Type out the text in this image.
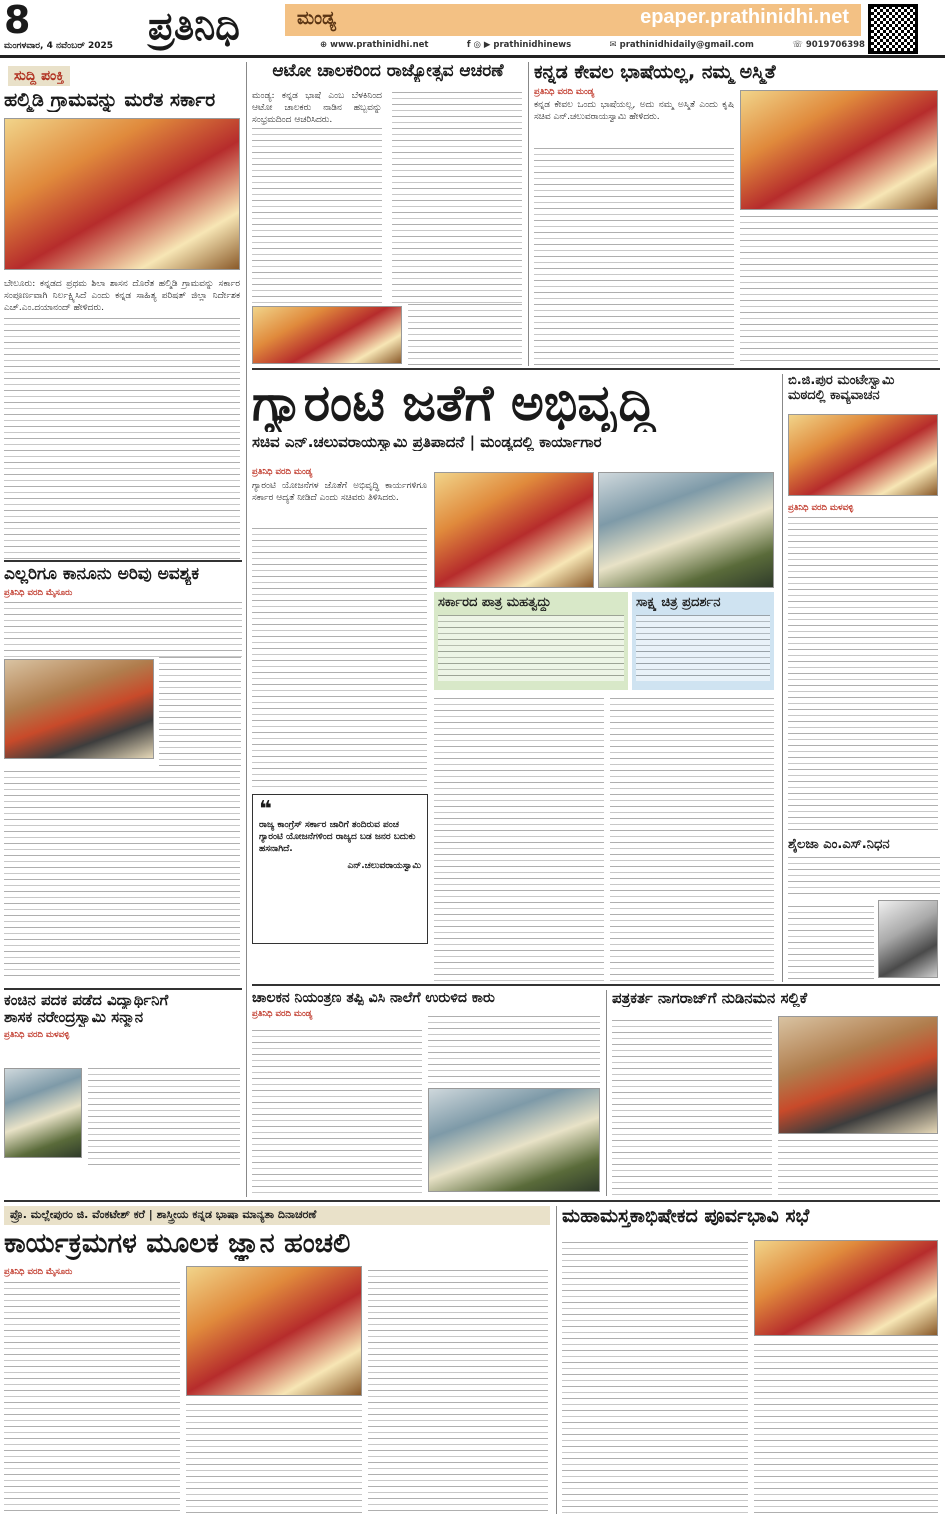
8
ಮಂಗಳವಾರ, 4 ನವೆಂಬರ್ 2025 ಪ್ರತಿನಿಧಿ	ಮಂಡ್ಯ	epaper.prathinidhi.net
⊕ www.prathinidhi.net	f ◎ ▶ prathinidhinews	✉ prathinidhidaily@gmail.com	☏ 9019706398
ಸುದ್ದಿ ಪಂಕ್ತಿ
ಹಲ್ಮಿಡಿ ಗ್ರಾಮವನ್ನು ಮರೆತ ಸರ್ಕಾರ
ಬೇಲೂರು: ಕನ್ನಡದ ಪ್ರಥಮ ಶಿಲಾ ಶಾಸನ ದೊರೆತ ಹಲ್ಮಿಡಿ ಗ್ರಾಮವನ್ನು ಸರ್ಕಾರ ಸಂಪೂರ್ಣವಾಗಿ ನಿರ್ಲಕ್ಷ್ಯಿಸಿದೆ ಎಂದು ಕನ್ನಡ ಸಾಹಿತ್ಯ ಪರಿಷತ್ ಜಿಲ್ಲಾ ನಿರ್ದೇಶಕ ಎಚ್.ಎಂ.ದಯಾನಂದ್ ಹೇಳಿದರು.
ಎಲ್ಲರಿಗೂ ಕಾನೂನು ಅರಿವು ಅವಶ್ಯಕ
ಪ್ರತಿನಿಧಿ ವರದಿ ಮೈಸೂರು
ಕಂಚಿನ ಪದಕ ಪಡೆದ ವಿದ್ಯಾರ್ಥಿನಿಗೆ
ಶಾಸಕ ನರೇಂದ್ರಸ್ವಾಮಿ ಸನ್ಮಾನ
ಪ್ರತಿನಿಧಿ ವರದಿ ಮಳವಳ್ಳಿ
ಆಟೋ ಚಾಲಕರಿಂದ ರಾಜ್ಯೋತ್ಸವ ಆಚರಣೆ
ಮಂಡ್ಯ: ಕನ್ನಡ ಭಾಷೆ ಎಂಬ ಬೆಳಕಿನಿಂದ ಆಟೋ ಚಾಲಕರು ನಾಡಿನ ಹಬ್ಬವನ್ನು ಸಂಭ್ರಮದಿಂದ ಆಚರಿಸಿದರು.
ಕನ್ನಡ ಕೇವಲ ಭಾಷೆಯಲ್ಲ, ನಮ್ಮ ಅಸ್ಮಿತೆ
ಪ್ರತಿನಿಧಿ ವರದಿ ಮಂಡ್ಯ
ಕನ್ನಡ ಕೇವಲ ಒಂದು ಭಾಷೆಯಲ್ಲ, ಅದು ನಮ್ಮ ಅಸ್ಮಿತೆ ಎಂದು ಕೃಷಿ ಸಚಿವ ಎನ್.ಚಲುವರಾಯಸ್ವಾಮಿ ಹೇಳಿದರು.
ಗ್ಯಾರಂಟಿ ಜತೆಗೆ ಅಭಿವೃದ್ಧಿ
ಸಚಿವ ಎನ್.ಚಲುವರಾಯಸ್ವಾಮಿ ಪ್ರತಿಪಾದನೆ | ಮಂಡ್ಯದಲ್ಲಿ ಕಾರ್ಯಾಗಾರ
ಪ್ರತಿನಿಧಿ ವರದಿ ಮಂಡ್ಯ
ಗ್ಯಾರಂಟಿ ಯೋಜನೆಗಳ ಜೊತೆಗೆ ಅಭಿವೃದ್ಧಿ ಕಾರ್ಯಗಳಿಗೂ ಸರ್ಕಾರ ಆದ್ಯತೆ ನೀಡಿದೆ ಎಂದು ಸಚಿವರು ತಿಳಿಸಿದರು.
ಸರ್ಕಾರದ ಪಾತ್ರ ಮಹತ್ವದ್ದು	ಸಾಕ್ಷ್ಯ ಚಿತ್ರ ಪ್ರದರ್ಶನ
❝
ರಾಜ್ಯ ಕಾಂಗ್ರೆಸ್ ಸರ್ಕಾರ ಜಾರಿಗೆ ತಂದಿರುವ ಪಂಚ ಗ್ಯಾರಂಟಿ ಯೋಜನೆಗಳಿಂದ ರಾಜ್ಯದ ಬಡ ಜನರ ಬದುಕು ಹಸನಾಗಿದೆ.
ಎನ್.ಚಲುವರಾಯಸ್ವಾಮಿ
ಬಿ.ಜಿ.ಪುರ ಮಂಟೇಸ್ವಾಮಿ
ಮಠದಲ್ಲಿ ಕಾವ್ಯವಾಚನ
ಪ್ರತಿನಿಧಿ ವರದಿ ಮಳವಳ್ಳಿ
ಶೈಲಜಾ ಎಂ.ಎಸ್.ನಿಧನ
ಚಾಲಕನ ನಿಯಂತ್ರಣ ತಪ್ಪಿ ವಿಸಿ ನಾಲೆಗೆ ಉರುಳಿದ ಕಾರು
ಪ್ರತಿನಿಧಿ ವರದಿ ಮಂಡ್ಯ
ಪತ್ರಕರ್ತ ನಾಗರಾಜ್‌ಗೆ ನುಡಿನಮನ ಸಲ್ಲಿಕೆ
ಪ್ರೊ. ಮಲ್ಲೇಪುರಂ ಜಿ. ವೆಂಕಟೇಶ್ ಕರೆ | ಶಾಸ್ತ್ರೀಯ ಕನ್ನಡ ಭಾಷಾ ಮಾನ್ಯತಾ ದಿನಾಚರಣೆ
ಕಾರ್ಯಕ್ರಮಗಳ ಮೂಲಕ ಜ್ಞಾನ ಹಂಚಲಿ
ಪ್ರತಿನಿಧಿ ವರದಿ ಮೈಸೂರು
ಮಹಾಮಸ್ತಕಾಭಿಷೇಕದ ಪೂರ್ವಭಾವಿ ಸಭೆ
